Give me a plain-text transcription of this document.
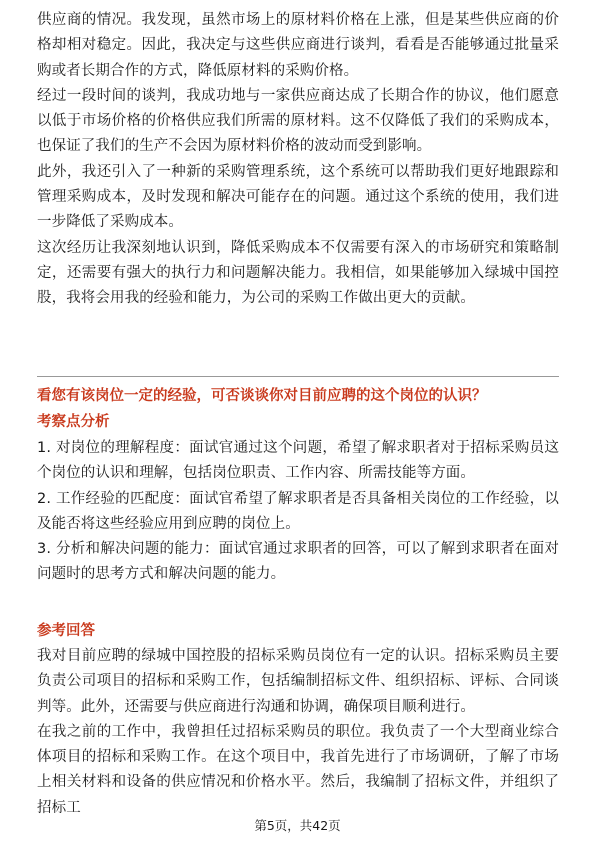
供应商的情况。我发现，虽然市场上的原材料价格在上涨，但是某些供应商的价格却相对稳定。因此，我决定与这些供应商进行谈判，看看是否能够通过批量采购或者长期合作的方式，降低原材料的采购价格。

经过一段时间的谈判，我成功地与一家供应商达成了长期合作的协议，他们愿意以低于市场价格的价格供应我们所需的原材料。这不仅降低了我们的采购成本，也保证了我们的生产不会因为原材料价格的波动而受到影响。

此外，我还引入了一种新的采购管理系统，这个系统可以帮助我们更好地跟踪和管理采购成本，及时发现和解决可能存在的问题。通过这个系统的使用，我们进一步降低了采购成本。

这次经历让我深刻地认识到，降低采购成本不仅需要有深入的市场研究和策略制定，还需要有强大的执行力和问题解决能力。我相信，如果能够加入绿城中国控股，我将会用我的经验和能力，为公司的采购工作做出更大的贡献。

看您有该岗位一定的经验，可否谈谈你对目前应聘的这个岗位的认识？

考察点分析

1. 对岗位的理解程度：面试官通过这个问题，希望了解求职者对于招标采购员这个岗位的认识和理解，包括岗位职责、工作内容、所需技能等方面。

2. 工作经验的匹配度：面试官希望了解求职者是否具备相关岗位的工作经验，以及能否将这些经验应用到应聘的岗位上。

3. 分析和解决问题的能力：面试官通过求职者的回答，可以了解到求职者在面对问题时的思考方式和解决问题的能力。

参考回答

我对目前应聘的绿城中国控股的招标采购员岗位有一定的认识。招标采购员主要负责公司项目的招标和采购工作，包括编制招标文件、组织招标、评标、合同谈判等。此外，还需要与供应商进行沟通和协调，确保项目顺利进行。

在我之前的工作中，我曾担任过招标采购员的职位。我负责了一个大型商业综合体项目的招标和采购工作。在这个项目中，我首先进行了市场调研，了解了市场上相关材料和设备的供应情况和价格水平。然后，我编制了招标文件，并组织了招标工

第5页，共42页
